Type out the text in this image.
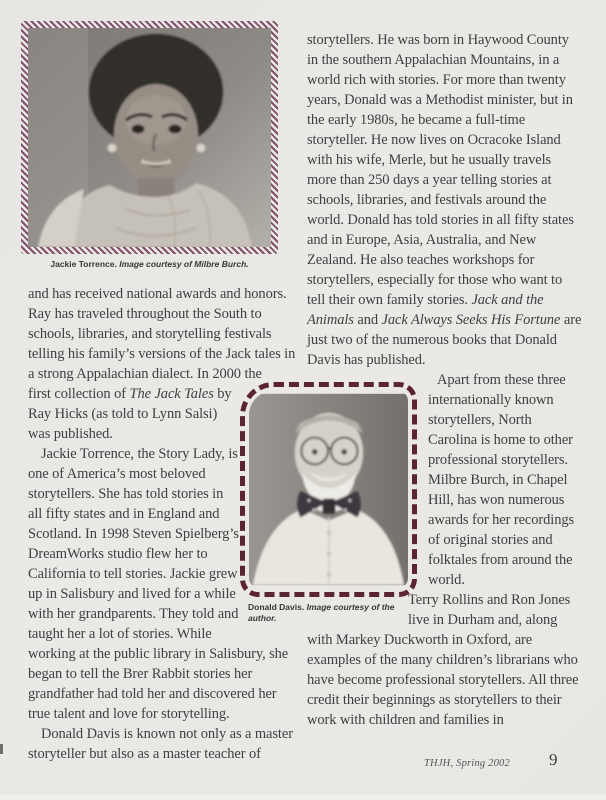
Jackie Torrence. Image courtesy of Milbre Burch.

and has received national awards and honors. Ray has traveled throughout the South to schools, libraries, and storytelling festivals telling his family’s versions of the Jack tales in a strong Appalachian dialect. In 2000 the

first collection of The Jack Tales by Ray Hicks (as told to Lynn Salsi) was published.

Jackie Torrence, the Story Lady, is one of America’s most beloved storytellers. She has told stories in all fifty states and in England and Scotland. In 1998 Steven Spielberg’s DreamWorks studio flew her to California to tell stories. Jackie grew up in Salisbury and lived for a while with her grandparents. They told and taught her a lot of stories. While

working at the public library in Salisbury, she began to tell the Brer Rabbit stories her grandfather had told her and discovered her true talent and love for storytelling.

Donald Davis is known not only as a master storyteller but also as a master teacher of

storytellers. He was born in Haywood County in the southern Appalachian Mountains, in a world rich with stories. For more than twenty years, Donald was a Methodist minister, but in the early 1980s, he became a full-time storyteller. He now lives on Ocracoke Island with his wife, Merle, but he usually travels more than 250 days a year telling stories at schools, libraries, and festivals around the world. Donald has told stories in all fifty states and in Europe, Asia, Australia, and New Zealand. He also teaches workshops for storytellers, especially for those who want to tell their own family stories. Jack and the Animals and Jack Always Seeks His Fortune are just two of the numerous books that Donald Davis has published.

Apart from these three internationally known storytellers, North Carolina is home to other professional storytellers. Milbre Burch, in Chapel Hill, has won numerous awards for her recordings of original stories and folktales from around the world.

Terry Rollins and Ron Jones live in Durham and, along

with Markey Duckworth in Oxford, are examples of the many children’s librarians who have become professional storytellers. All three credit their beginnings as storytellers to their work with children and families in

Donald Davis. Image courtesy of the author.
THJH, Spring 2002 9
